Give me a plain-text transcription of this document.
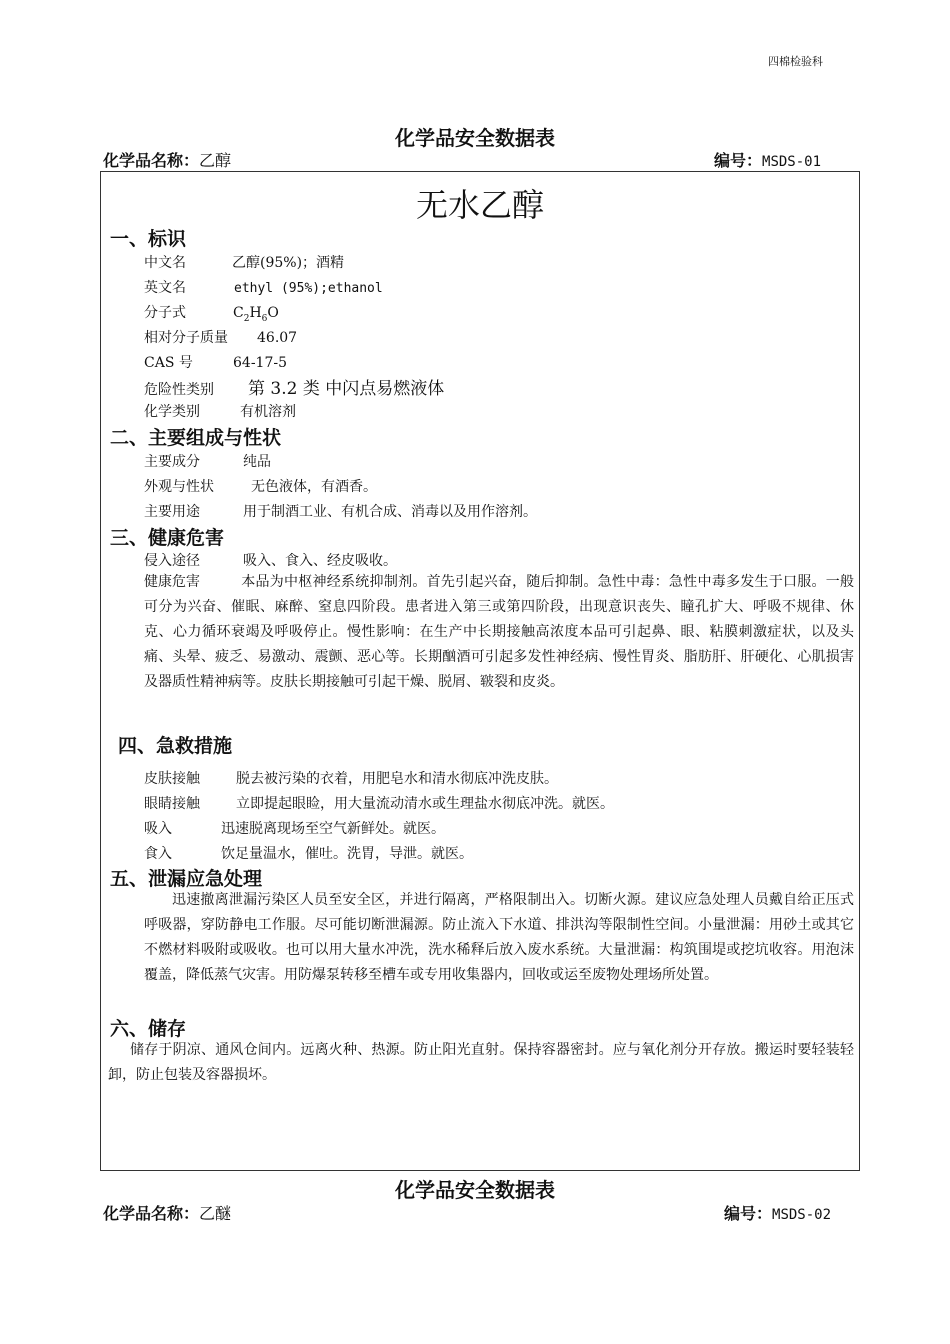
四棉检验科
化学品安全数据表
化学品名称：乙醇	编号：MSDS-01
无水乙醇
一、标识
中文名	乙醇(95%)；酒精
英文名	ethyl (95%);ethanol
分子式	$C_2H_6O$
相对分子质量 46.07
CAS 号	64-17-5
危险性类别 第 3.2 类 中闪点易燃液体
化学类别	有机溶剂
二、主要组成与性状
主要成分	纯品
外观与性状	无色液体，有酒香。
主要用途	用于制酒工业、有机合成、消毒以及用作溶剂。
三、健康危害
侵入途径	吸入、食入、经皮吸收。
健康危害	本品为中枢神经系统抑制剂。首先引起兴奋，随后抑制。急性中毒：急性中毒多发生于口服。一般可分为兴奋、催眠、麻醉、窒息四阶段。患者进入第三或第四阶段，出现意识丧失、瞳孔扩大、呼吸不规律、休克、心力循环衰竭及呼吸停止。慢性影响：在生产中长期接触高浓度本品可引起鼻、眼、粘膜刺激症状，以及头痛、头晕、疲乏、易激动、震颤、恶心等。长期酗酒可引起多发性神经病、慢性胃炎、脂肪肝、肝硬化、心肌损害及器质性精神病等。皮肤长期接触可引起干燥、脱屑、皲裂和皮炎。
四、急救措施
皮肤接触	脱去被污染的衣着，用肥皂水和清水彻底冲洗皮肤。
眼睛接触	立即提起眼睑，用大量流动清水或生理盐水彻底冲洗。就医。
吸入	迅速脱离现场至空气新鲜处。就医。
食入	饮足量温水，催吐。洗胃，导泄。就医。
五、泄漏应急处理
迅速撤离泄漏污染区人员至安全区，并进行隔离，严格限制出入。切断火源。建议应急处理人员戴自给正压式呼吸器，穿防静电工作服。尽可能切断泄漏源。防止流入下水道、排洪沟等限制性空间。小量泄漏：用砂土或其它不燃材料吸附或吸收。也可以用大量水冲洗，洗水稀释后放入废水系统。大量泄漏：构筑围堤或挖坑收容。用泡沫覆盖，降低蒸气灾害。用防爆泵转移至槽车或专用收集器内，回收或运至废物处理场所处置。
六、储存
储存于阴凉、通风仓间内。远离火种、热源。防止阳光直射。保持容器密封。应与氧化剂分开存放。搬运时要轻装轻卸，防止包装及容器损坏。
化学品安全数据表
化学品名称：乙醚	编号：MSDS-02
